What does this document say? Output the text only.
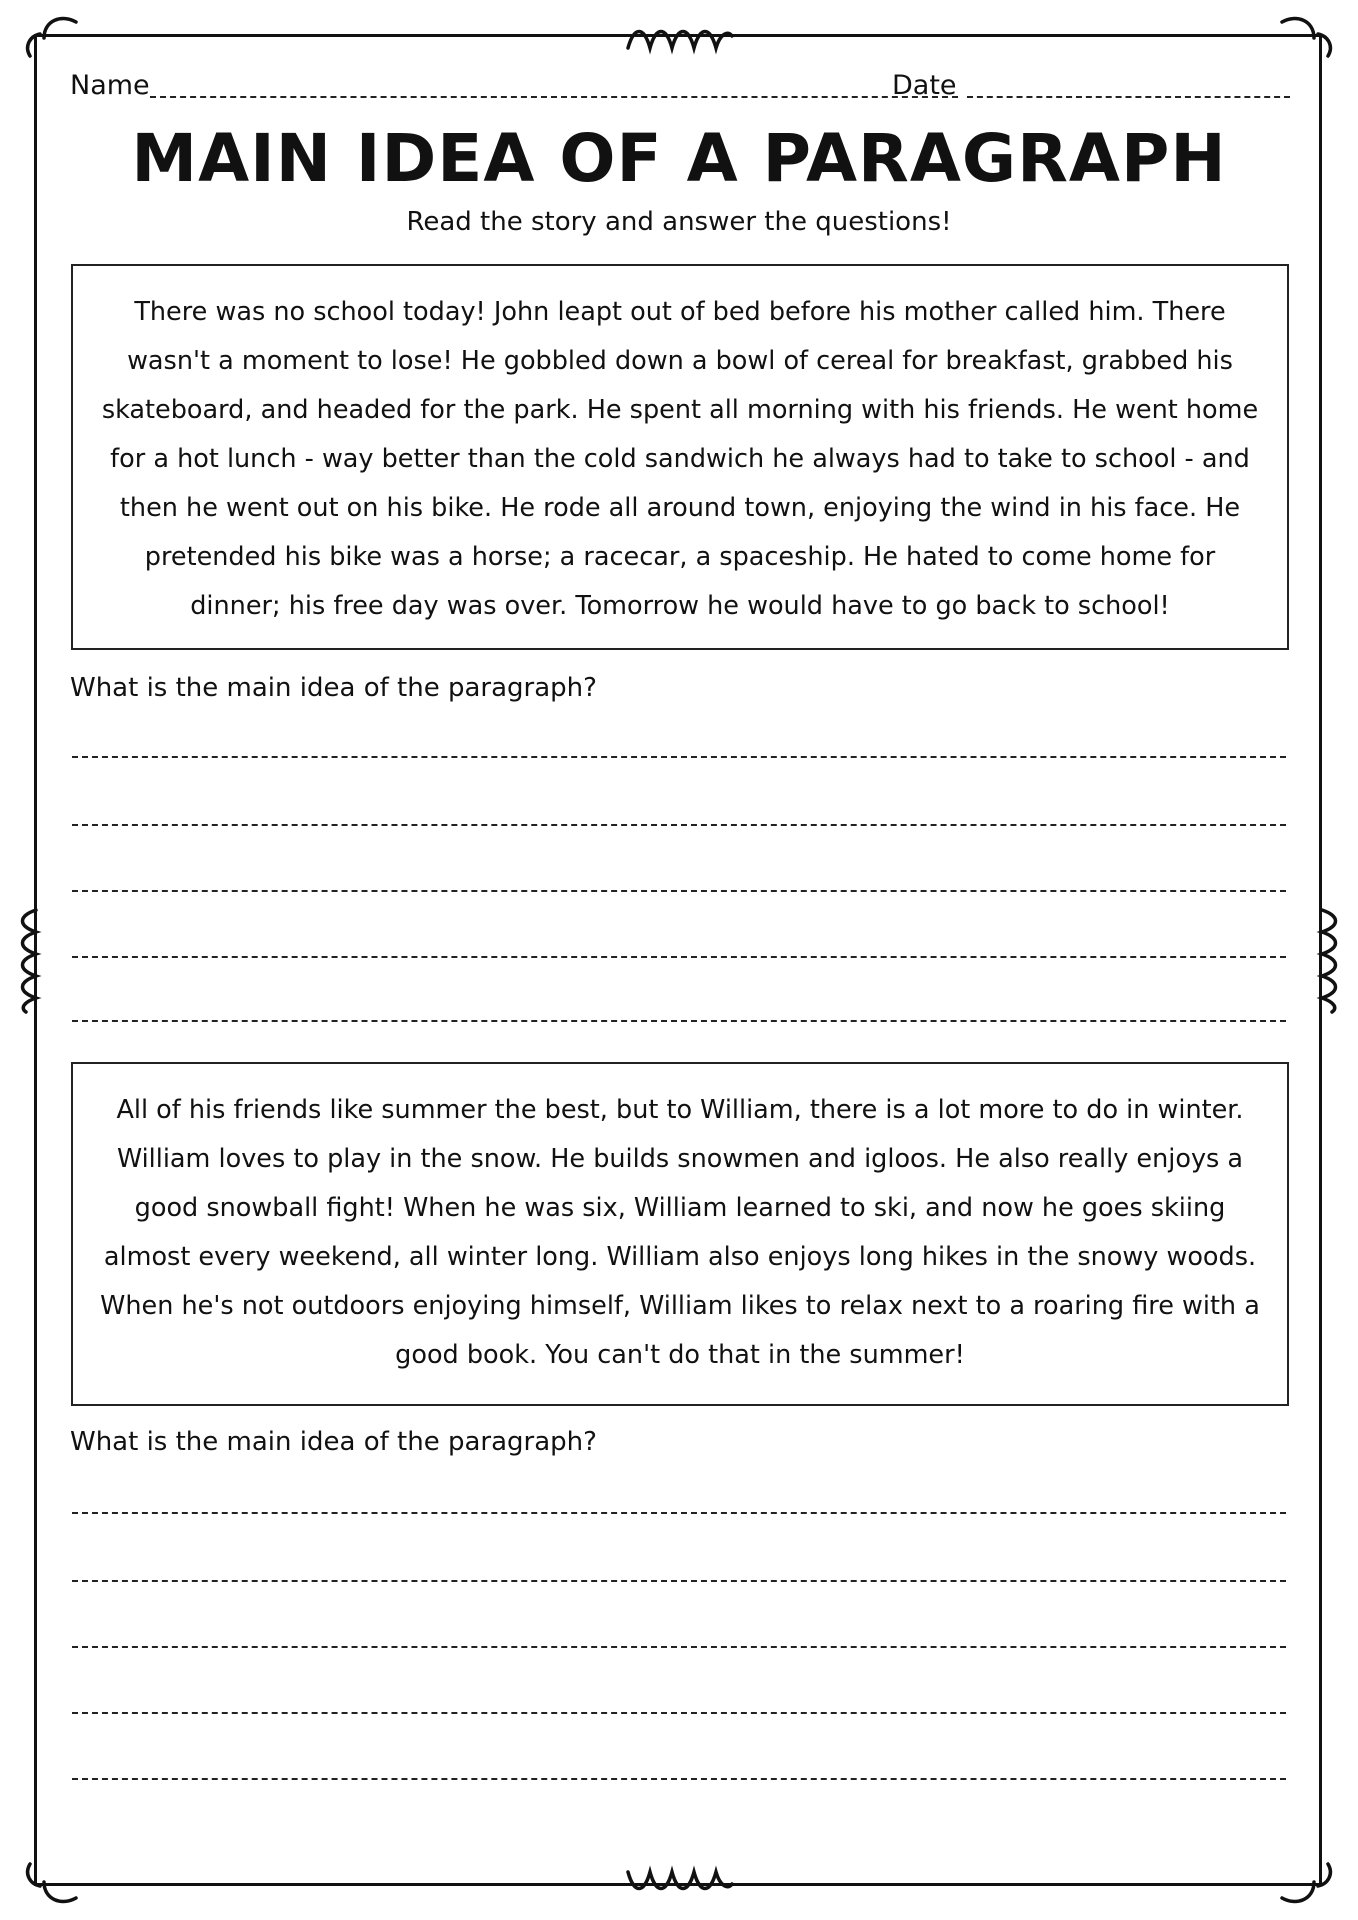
Name	Date
MAIN IDEA OF A PARAGRAPH
Read the story and answer the questions!
There was no school today! John leapt out of bed before his mother called him. There wasn't a moment to lose! He gobbled down a bowl of cereal for breakfast, grabbed his skateboard, and headed for the park. He spent all morning with his friends. He went home for a hot lunch - way better than the cold sandwich he always had to take to school - and then he went out on his bike. He rode all around town, enjoying the wind in his face. He pretended his bike was a horse; a racecar, a spaceship. He hated to come home for dinner; his free day was over. Tomorrow he would have to go back to school!
What is the main idea of the paragraph?
All of his friends like summer the best, but to William, there is a lot more to do in winter. William loves to play in the snow. He builds snowmen and igloos. He also really enjoys a good snowball fight! When he was six, William learned to ski, and now he goes skiing almost every weekend, all winter long. William also enjoys long hikes in the snowy woods. When he's not outdoors enjoying himself, William likes to relax next to a roaring fire with a good book. You can't do that in the summer!
What is the main idea of the paragraph?
